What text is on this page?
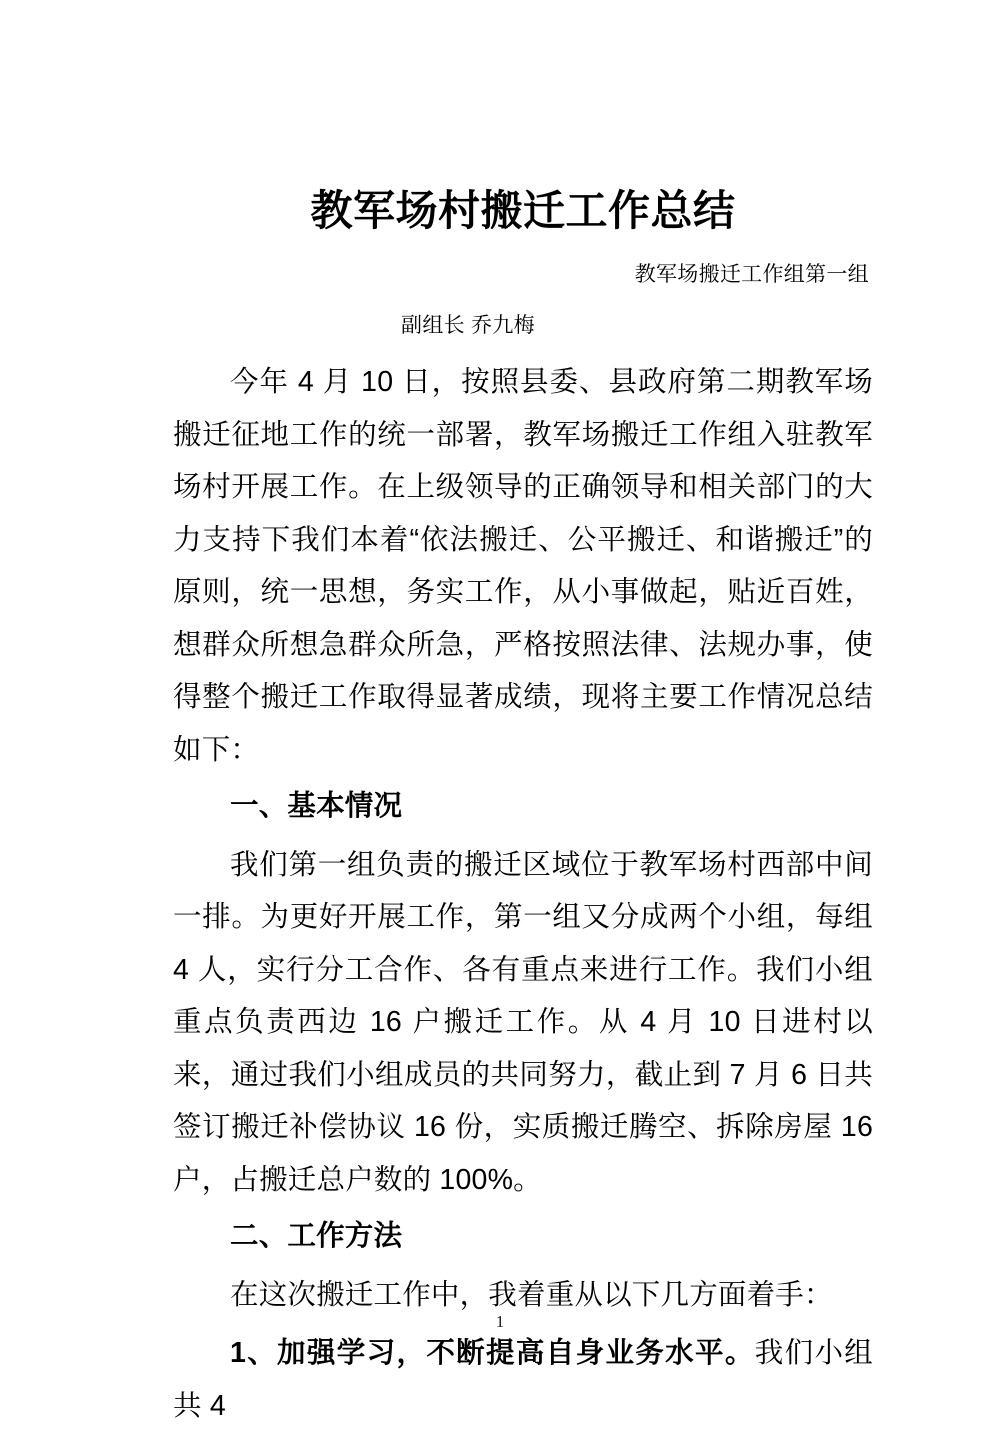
教军场村搬迁工作总结
教军场搬迁工作组第一组
副组长 乔九梅

今年 4 月 10 日，按照县委、县政府第二期教军场搬迁征地工作的统一部署，教军场搬迁工作组入驻教军场村开展工作。在上级领导的正确领导和相关部门的大力支持下我们本着“依法搬迁、公平搬迁、和谐搬迁”的原则，统一思想，务实工作，从小事做起，贴近百姓，想群众所想急群众所急，严格按照法律、法规办事，使得整个搬迁工作取得显著成绩，现将主要工作情况总结如下：

一、基本情况

我们第一组负责的搬迁区域位于教军场村西部中间一排。为更好开展工作，第一组又分成两个小组，每组 4 人，实行分工合作、各有重点来进行工作。我们小组重点负责西边 16 户搬迁工作。从 4 月 10 日进村以来，通过我们小组成员的共同努力，截止到 7 月 6 日共签订搬迁补偿协议 16 份，实质搬迁腾空、拆除房屋 16 户，占搬迁总户数的 100%。

二、工作方法

在这次搬迁工作中，我着重从以下几方面着手：

1、加强学习，不断提高自身业务水平。我们小组共 4

1
